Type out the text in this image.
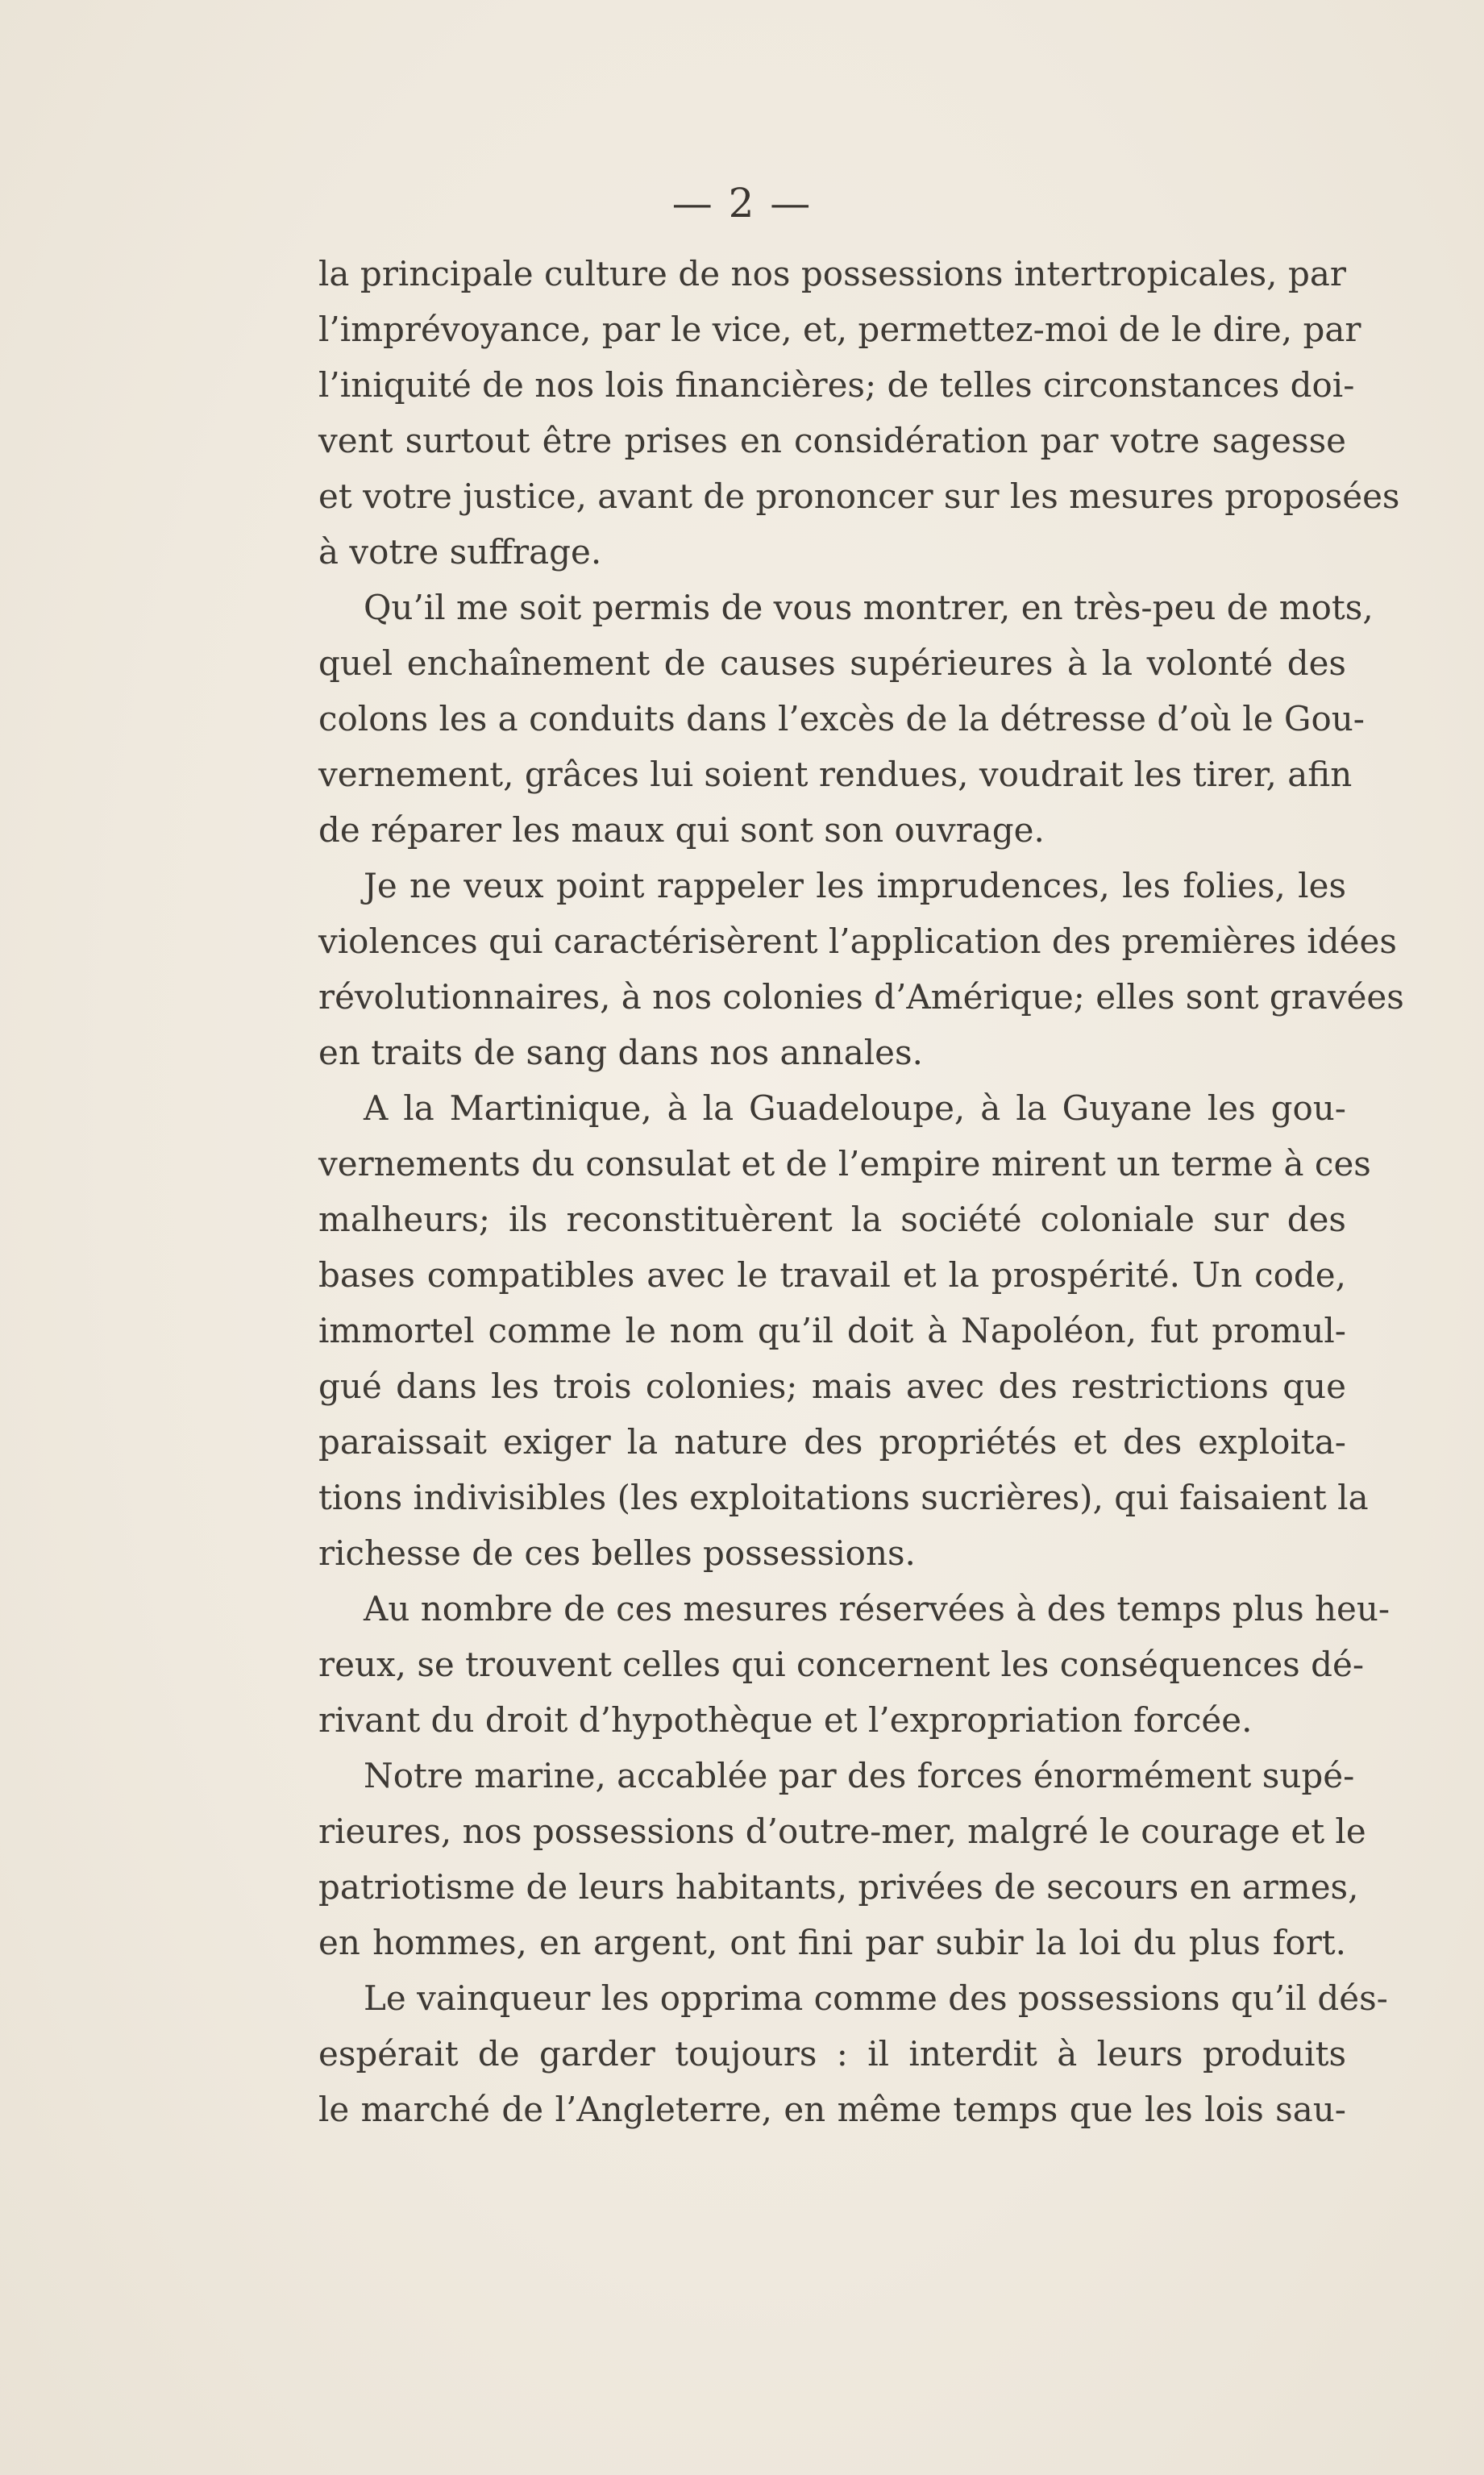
— 2 —
la principale culture de nos possessions intertropicales, par
l’imprévoyance, par le vice, et, permettez-moi de le dire, par
l’iniquité de nos lois financières; de telles circonstances doi-
vent surtout être prises en considération par votre sagesse
et votre justice, avant de prononcer sur les mesures proposées
à votre suffrage.
Qu’il me soit permis de vous montrer, en très-peu de mots,
quel enchaînement de causes supérieures à la volonté des
colons les a conduits dans l’excès de la détresse d’où le Gou-
vernement, grâces lui soient rendues, voudrait les tirer, afin
de réparer les maux qui sont son ouvrage.
Je ne veux point rappeler les imprudences, les folies, les
violences qui caractérisèrent l’application des premières idées
révolutionnaires, à nos colonies d’Amérique; elles sont gravées
en traits de sang dans nos annales.
A la Martinique, à la Guadeloupe, à la Guyane les gou-
vernements du consulat et de l’empire mirent un terme à ces
malheurs; ils reconstituèrent la société coloniale sur des
bases compatibles avec le travail et la prospérité. Un code,
immortel comme le nom qu’il doit à Napoléon, fut promul-
gué dans les trois colonies; mais avec des restrictions que
paraissait exiger la nature des propriétés et des exploita-
tions indivisibles (les exploitations sucrières), qui faisaient la
richesse de ces belles possessions.
Au nombre de ces mesures réservées à des temps plus heu-
reux, se trouvent celles qui concernent les conséquences dé-
rivant du droit d’hypothèque et l’expropriation forcée.
Notre marine, accablée par des forces énormément supé-
rieures, nos possessions d’outre-mer, malgré le courage et le
patriotisme de leurs habitants, privées de secours en armes,
en hommes, en argent, ont fini par subir la loi du plus fort.
Le vainqueur les opprima comme des possessions qu’il dés-
espérait de garder toujours : il interdit à leurs produits
le marché de l’Angleterre, en même temps que les lois sau-
